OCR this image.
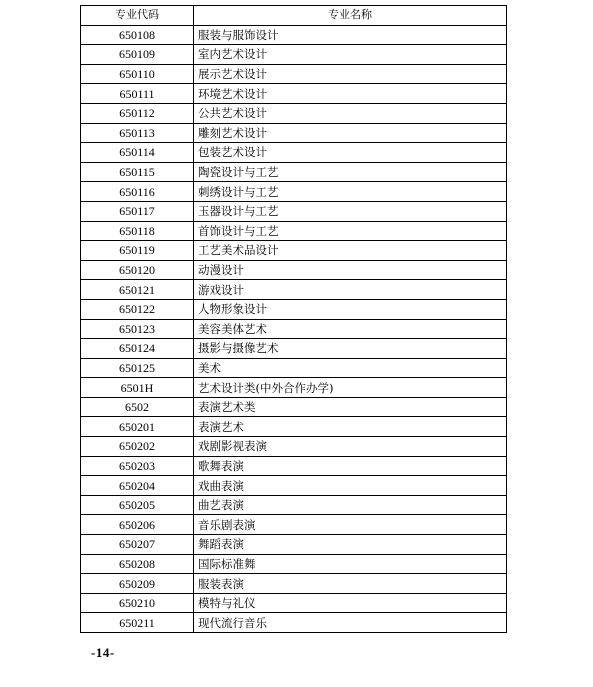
专业代码	专业名称
650108	服装与服饰设计
650109	室内艺术设计
650110	展示艺术设计
650111	环境艺术设计
650112	公共艺术设计
650113	雕刻艺术设计
650114	包装艺术设计
650115	陶瓷设计与工艺
650116	刺绣设计与工艺
650117	玉器设计与工艺
650118	首饰设计与工艺
650119	工艺美术品设计
650120	动漫设计
650121	游戏设计
650122	人物形象设计
650123	美容美体艺术
650124	摄影与摄像艺术
650125	美术
6501H	艺术设计类(中外合作办学)
6502	表演艺术类
650201	表演艺术
650202	戏剧影视表演
650203	歌舞表演
650204	戏曲表演
650205	曲艺表演
650206	音乐剧表演
650207	舞蹈表演
650208	国际标准舞
650209	服装表演
650210	模特与礼仪
650211	现代流行音乐
-14-
